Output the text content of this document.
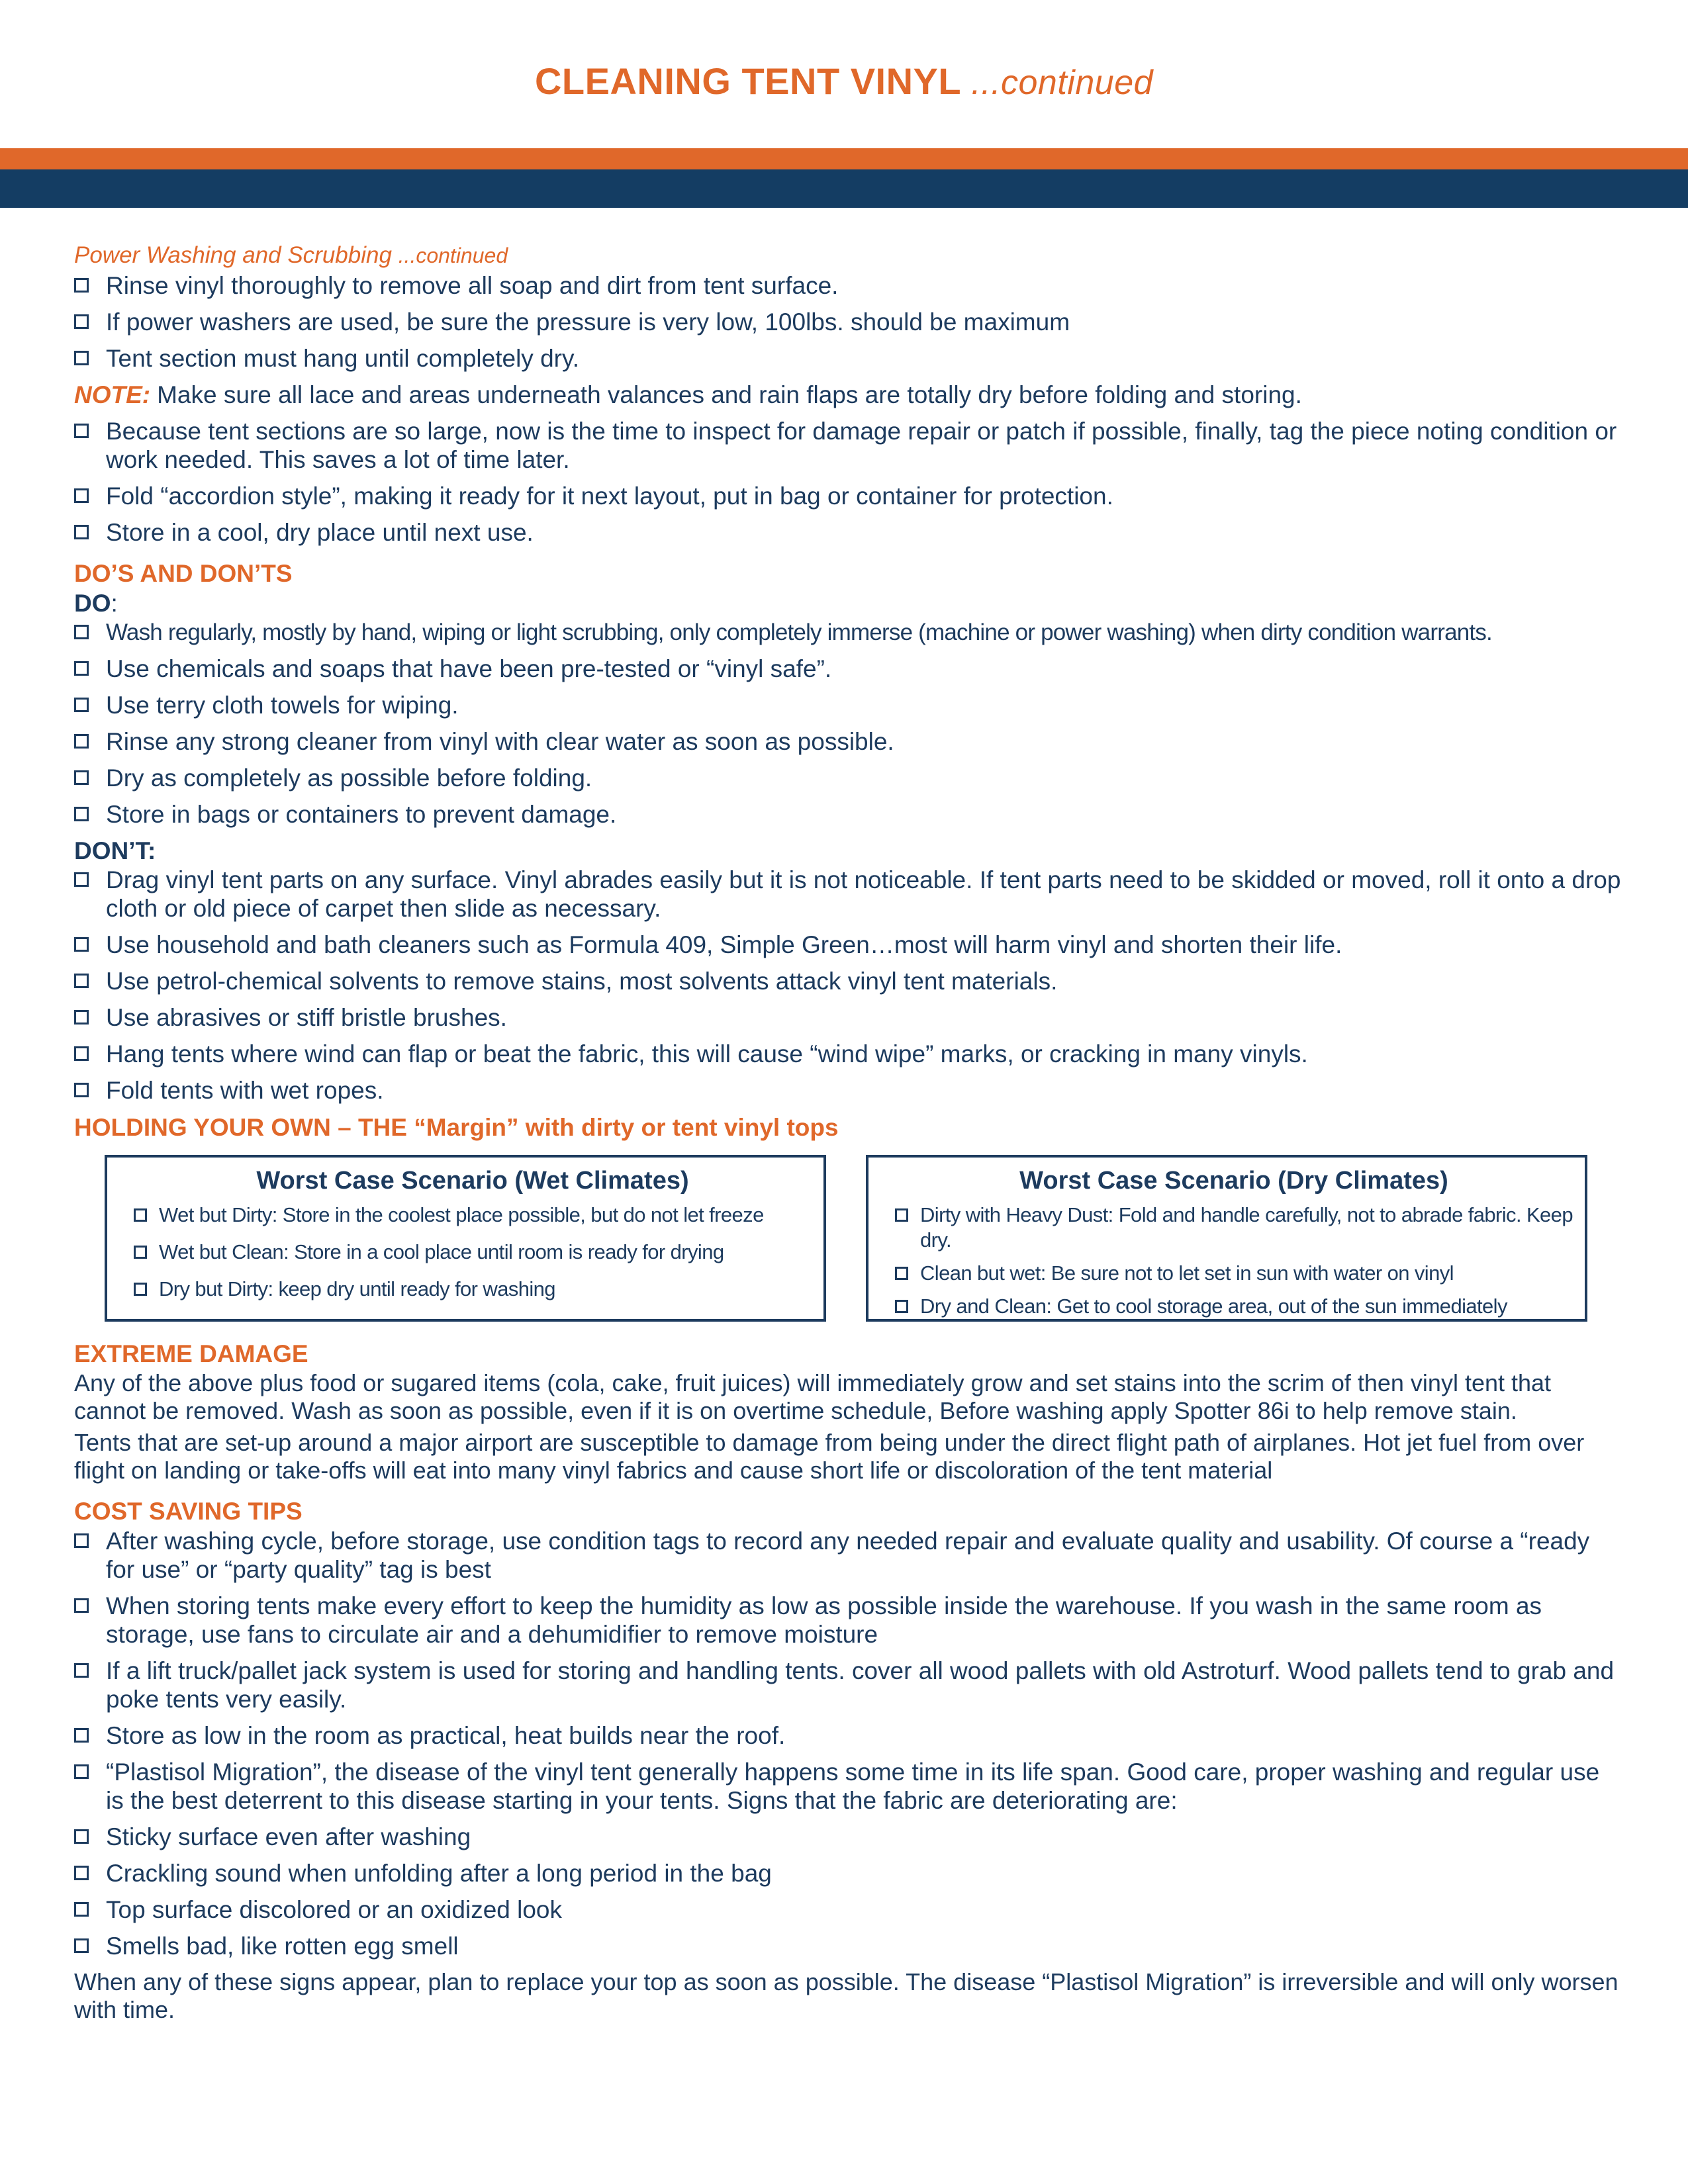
CLEANING TENT VINYL ...continued
Power Washing and Scrubbing ...continued
Rinse vinyl thoroughly to remove all soap and dirt from tent surface.
If power washers are used, be sure the pressure is very low, 100lbs. should be maximum
Tent section must hang until completely dry.
NOTE: Make sure all lace and areas underneath valances and rain flaps are totally dry before folding and storing.
Because tent sections are so large, now is the time to inspect for damage repair or patch if possible, finally, tag the piece noting condition or work needed. This saves a lot of time later.
Fold “accordion style”, making it ready for it next layout, put in bag or container for protection.
Store in a cool, dry place until next use.
DO’S AND DON’TS
DO:
Wash regularly, mostly by hand, wiping or light scrubbing, only completely immerse (machine or power washing) when dirty condition warrants.
Use chemicals and soaps that have been pre-tested or “vinyl safe”.
Use terry cloth towels for wiping.
Rinse any strong cleaner from vinyl with clear water as soon as possible.
Dry as completely as possible before folding.
Store in bags or containers to prevent damage.
DON’T:
Drag vinyl tent parts on any surface. Vinyl abrades easily but it is not noticeable. If tent parts need to be skidded or moved, roll it onto a drop cloth or old piece of carpet then slide as necessary.
Use household and bath cleaners such as Formula 409, Simple Green…most will harm vinyl and shorten their life.
Use petrol-chemical solvents to remove stains, most solvents attack vinyl tent materials.
Use abrasives or stiff bristle brushes.
Hang tents where wind can flap or beat the fabric, this will cause “wind wipe” marks, or cracking in many vinyls.
Fold tents with wet ropes.
HOLDING YOUR OWN – THE “Margin” with dirty or tent vinyl tops
Worst Case Scenario (Wet Climates)
Wet but Dirty: Store in the coolest place possible, but do not let freeze
Wet but Clean: Store in a cool place until room is ready for drying
Dry but Dirty: keep dry until ready for washing
Worst Case Scenario (Dry Climates)
Dirty with Heavy Dust: Fold and handle carefully, not to abrade fabric. Keep dry.
Clean but wet: Be sure not to let set in sun with water on vinyl
Dry and Clean: Get to cool storage area, out of the sun immediately
EXTREME DAMAGE
Any of the above plus food or sugared items (cola, cake, fruit juices) will immediately grow and set stains into the scrim of then vinyl tent that cannot be removed. Wash as soon as possible, even if it is on overtime schedule, Before washing apply Spotter 86i to help remove stain.
Tents that are set-up around a major airport are susceptible to damage from being under the direct flight path of airplanes. Hot jet fuel from over flight on landing or take-offs will eat into many vinyl fabrics and cause short life or discoloration of the tent material
COST SAVING TIPS
After washing cycle, before storage, use condition tags to record any needed repair and evaluate quality and usability. Of course a “ready for use” or “party quality” tag is best
When storing tents make every effort to keep the humidity as low as possible inside the warehouse. If you wash in the same room as storage, use fans to circulate air and a dehumidifier to remove moisture
If a lift truck/pallet jack system is used for storing and handling tents. cover all wood pallets with old Astroturf. Wood pallets tend to grab and poke tents very easily.
Store as low in the room as practical, heat builds near the roof.
“Plastisol Migration”, the disease of the vinyl tent generally happens some time in its life span. Good care, proper washing and regular use is the best deterrent to this disease starting in your tents. Signs that the fabric are deteriorating are:
Sticky surface even after washing
Crackling sound when unfolding after a long period in the bag
Top surface discolored or an oxidized look
Smells bad, like rotten egg smell
When any of these signs appear, plan to replace your top as soon as possible. The disease “Plastisol Migration” is irreversible and will only worsen with time.
